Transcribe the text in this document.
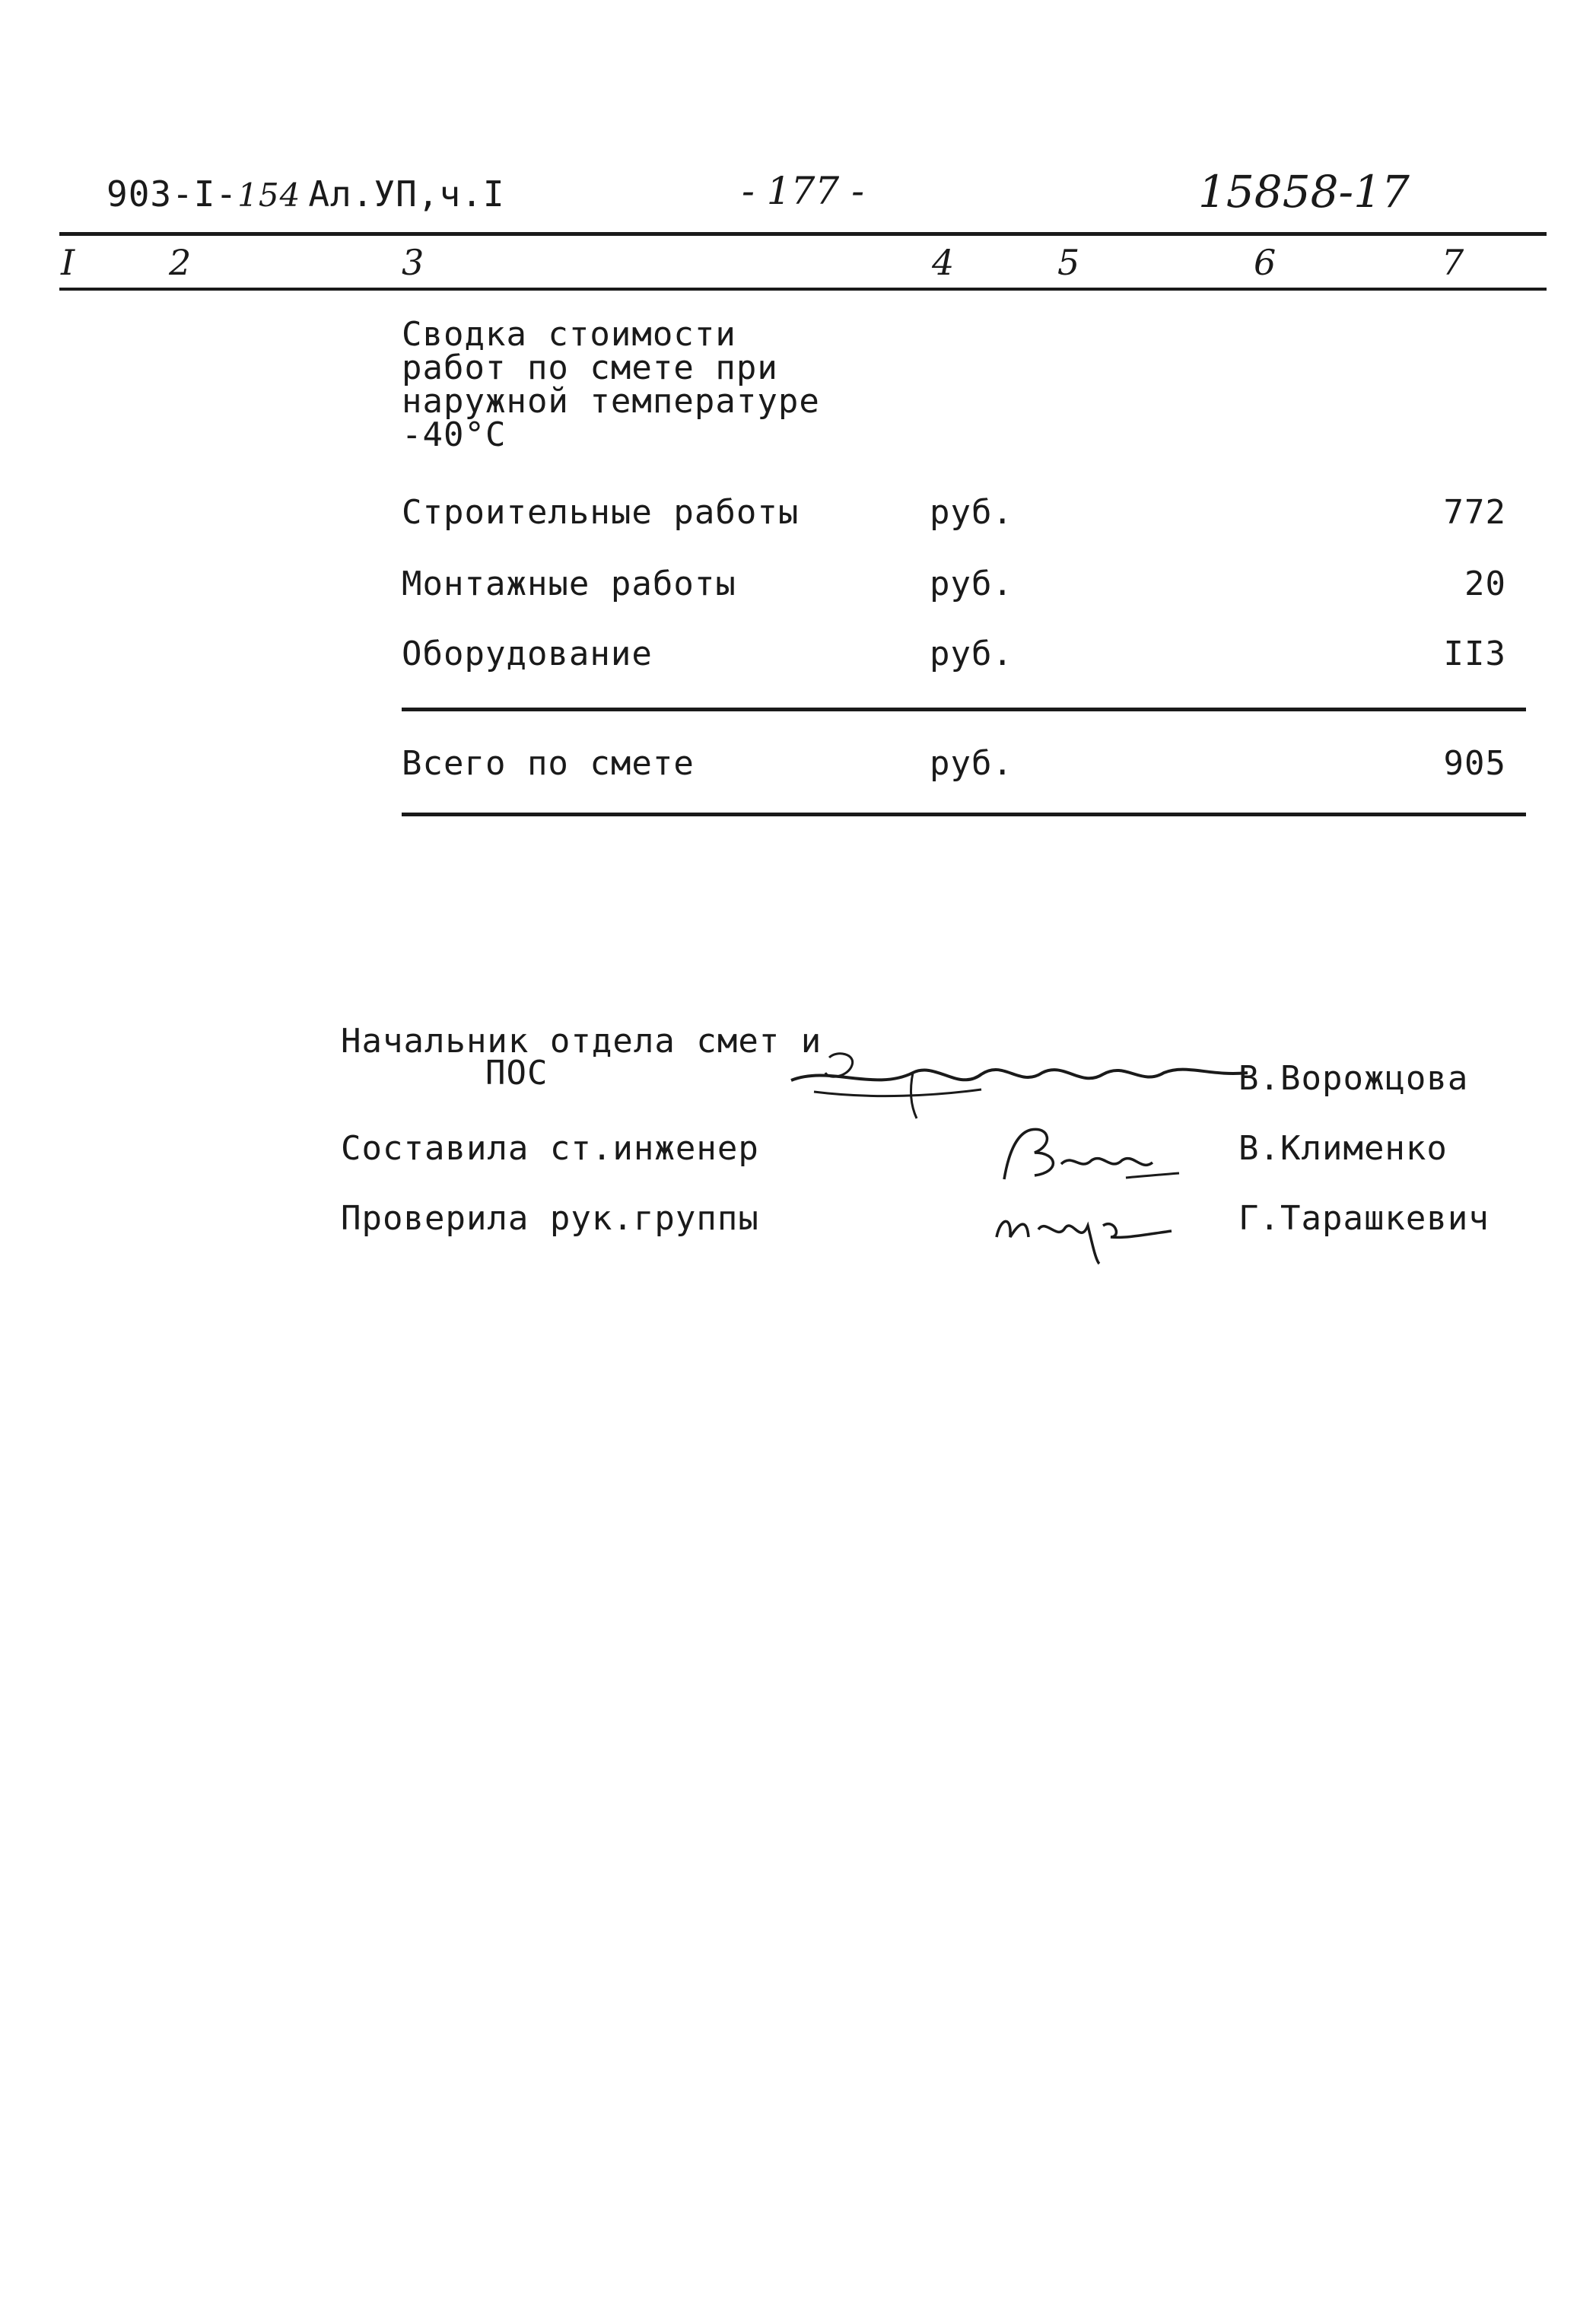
903-I-154 Ал.УП,ч.I	- 177 -	15858-17
I	2	3	4	5	6	7
Сводка стоимости
работ по смете при
наружной температуре
-40°C
Строительные работы	руб.	772
Монтажные работы	руб.	20
Оборудование	руб.	II3
Всего по смете	руб.	905
Начальник отдела смет и
ПОС	В.Ворожцова
Составила ст.инженер	В.Клименко
Проверила рук.группы	Г.Тарашкевич
